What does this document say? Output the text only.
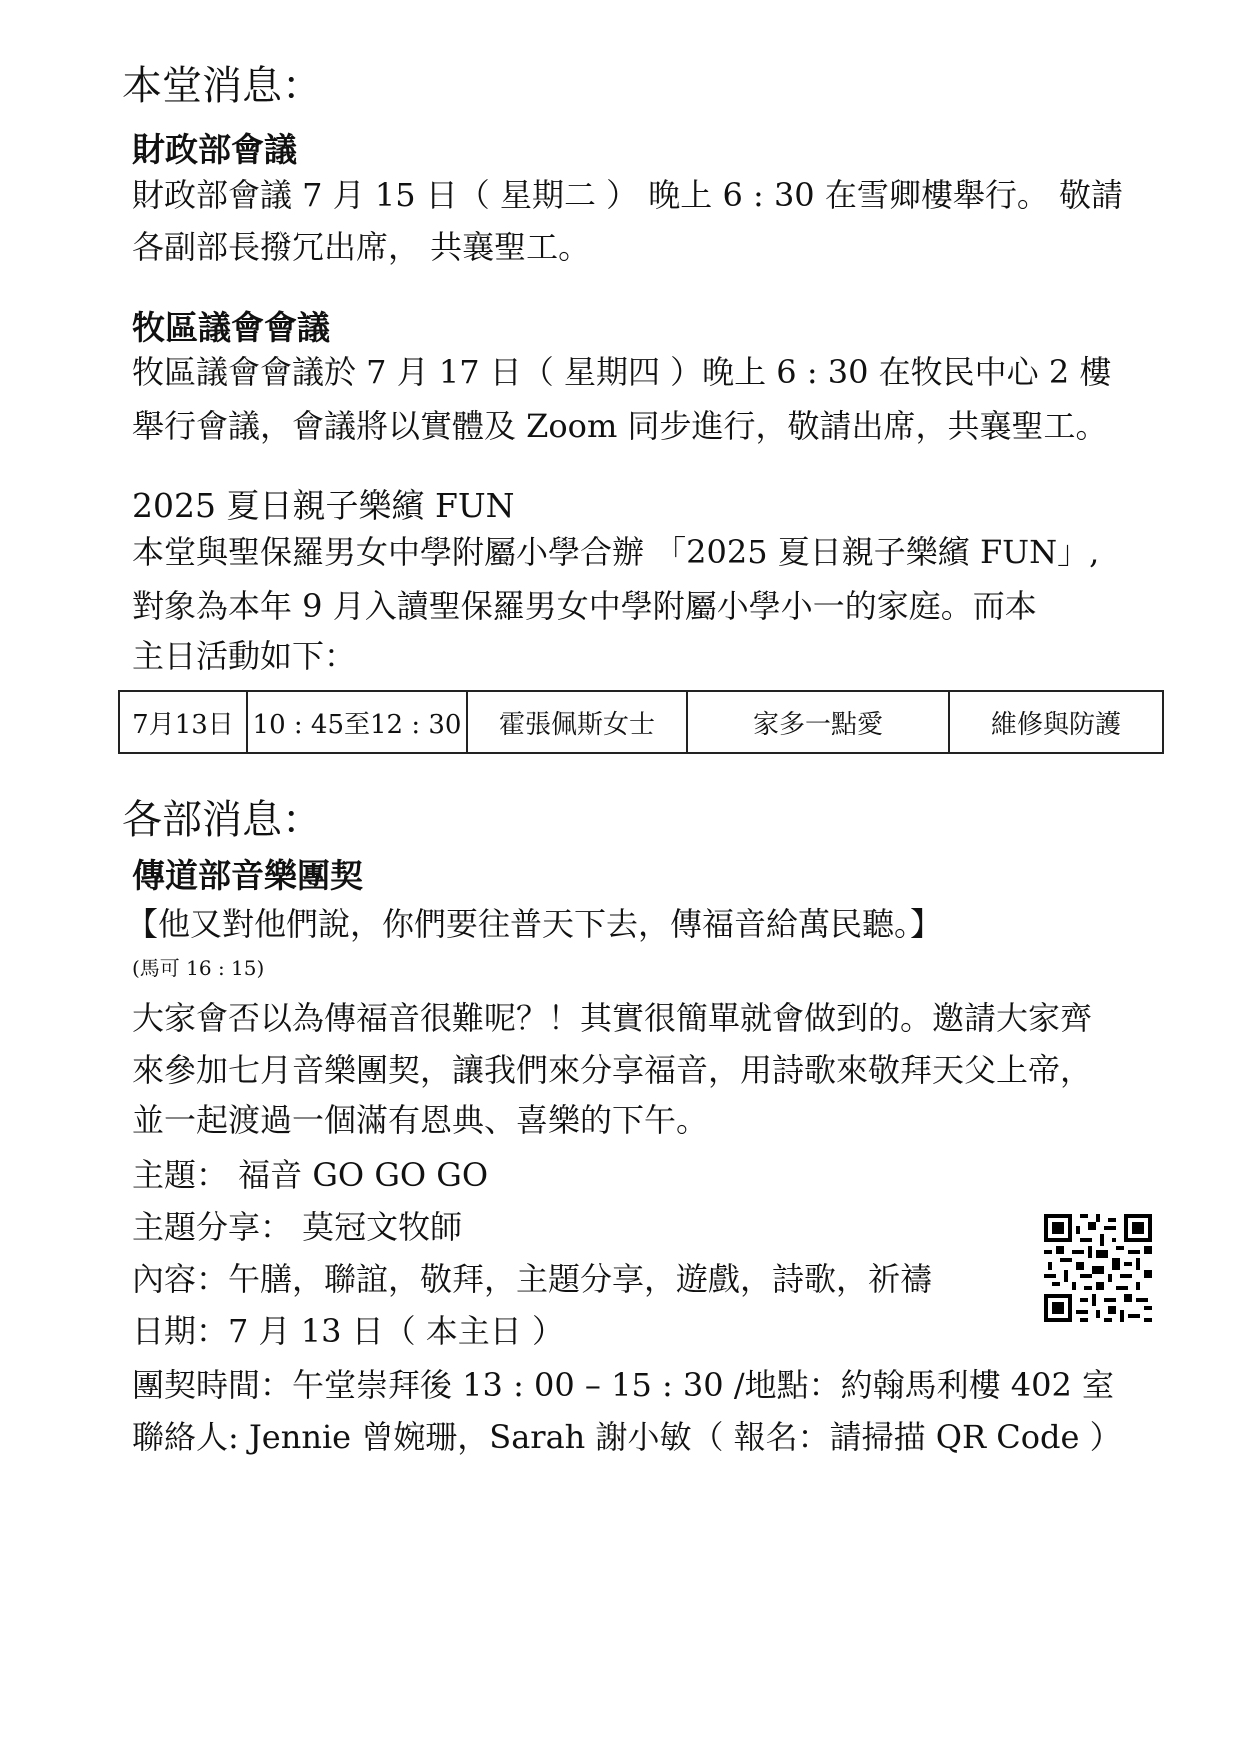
本堂消息：
財政部會議

財政部會議 7 月 15 日（ 星期二 ） 晚上 6 : 30 在雪卿樓舉行。 敬請

各副部長撥冗出席， 共襄聖工。

牧區議會會議

牧區議會會議於 7 月 17 日（ 星期四 ）晚上 6 : 30 在牧民中心 2 樓

舉行會議，會議將以實體及 Zoom 同步進行，敬請出席，共襄聖工。

2025 夏日親子樂繽 FUN

本堂與聖保羅男女中學附屬小學合辦 「2025 夏日親子樂繽 FUN」,

對象為本年 9 月入讀聖保羅男女中學附屬小學小一的家庭。而本

主日活動如下：

7月13日	10 : 45至12 : 30	霍張佩斯女士	家多一點愛	維修與防護
各部消息：
傳道部音樂團契

【他又對他們說，你們要往普天下去，傳福音給萬民聽。】

(馬可 16 : 15)

大家會否以為傳福音很難呢？！其實很簡單就會做到的。邀請大家齊

來參加七月音樂團契，讓我們來分享福音，用詩歌來敬拜天父上帝，

並一起渡過一個滿有恩典、喜樂的下午。

主題： 福音 GO GO GO

主題分享： 莫冠文牧師

內容：午膳，聯誼，敬拜，主題分享，遊戲，詩歌，祈禱

日期：7 月 13 日（ 本主日 ）

團契時間：午堂崇拜後 13 : 00 – 15 : 30 /地點：約翰馬利樓 402 室

聯絡人: Jennie 曾婉珊，Sarah 謝小敏（ 報名：請掃描 QR Code ）
